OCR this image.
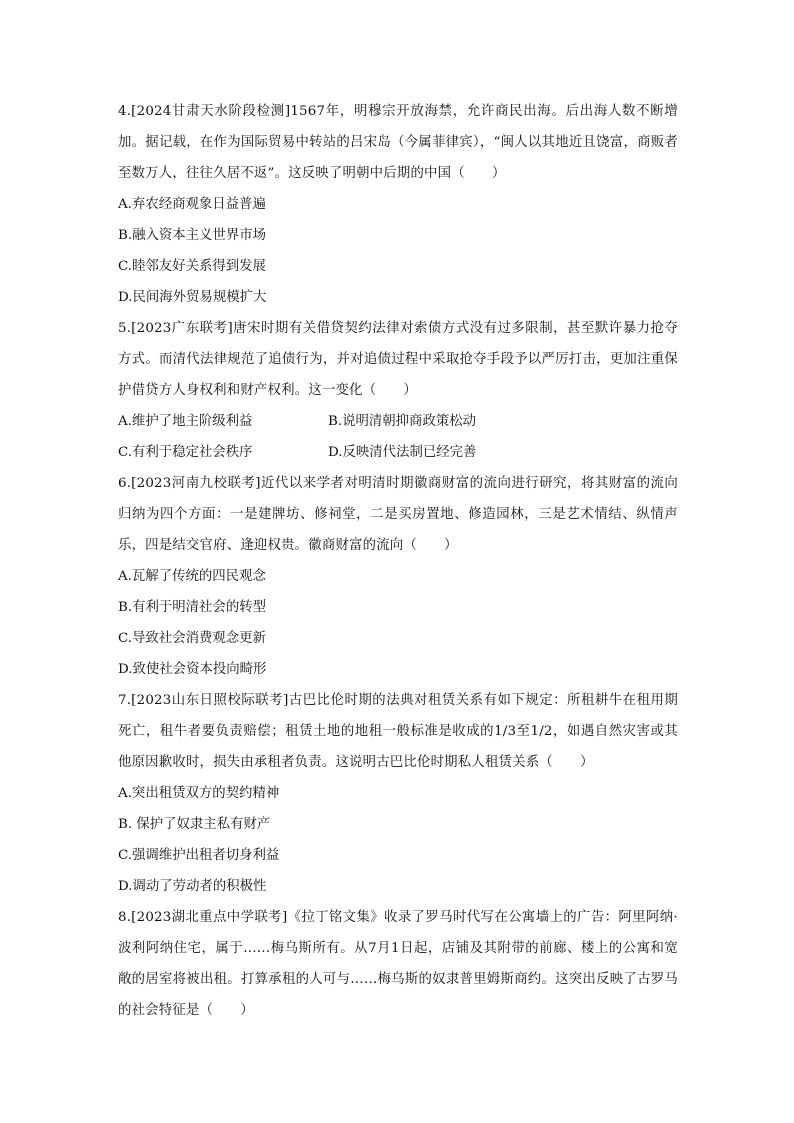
4.[2024甘肃天水阶段检测]1567年，明穆宗开放海禁，允许商民出海。后出海人数不断增加。据记载，在作为国际贸易中转站的吕宋岛（今属菲律宾），“闽人以其地近且饶富，商贩者至数万人，往往久居不返”。这反映了明朝中后期的中国（　　）

A.弃农经商观象日益普遍

B.融入资本主义世界市场

C.睦邻友好关系得到发展

D.民间海外贸易规模扩大

5.[2023广东联考]唐宋时期有关借贷契约法律对索债方式没有过多限制，甚至默许暴力抢夺方式。而清代法律规范了追债行为，并对追债过程中采取抢夺手段予以严厉打击，更加注重保护借贷方人身权利和财产权利。这一变化（　　）

A.维护了地主阶级利益	B.说明清朝抑商政策松动
C.有利于稳定社会秩序	D.反映清代法制已经完善

6.[2023河南九校联考]近代以来学者对明清时期徽商财富的流向进行研究，将其财富的流向归纳为四个方面：一是建牌坊、修祠堂，二是买房置地、修造园林，三是艺术情结、纵情声乐，四是结交官府、逢迎权贵。徽商财富的流向（　　）

A.瓦解了传统的四民观念

B.有利于明清社会的转型

C.导致社会消费观念更新

D.致使社会资本投向畸形

7.[2023山东日照校际联考]古巴比伦时期的法典对租赁关系有如下规定：所租耕牛在租用期死亡，租牛者要负责赔偿；租赁土地的地租一般标准是收成的1/3至1/2，如遇自然灾害或其他原因歉收时，损失由承租者负责。这说明古巴比伦时期私人租赁关系（　　）

A.突出租赁双方的契约精神

B. 保护了奴隶主私有财产

C.强调维护出租者切身利益

D.调动了劳动者的积极性

8.[2023湖北重点中学联考]《拉丁铭文集》收录了罗马时代写在公寓墙上的广告：阿里阿纳·波利阿纳住宅，属于……梅乌斯所有。从7月1日起，店铺及其附带的前廊、楼上的公寓和宽敞的居室将被出租。打算承租的人可与……梅乌斯的奴隶普里姆斯商约。这突出反映了古罗马的社会特征是（　　）
